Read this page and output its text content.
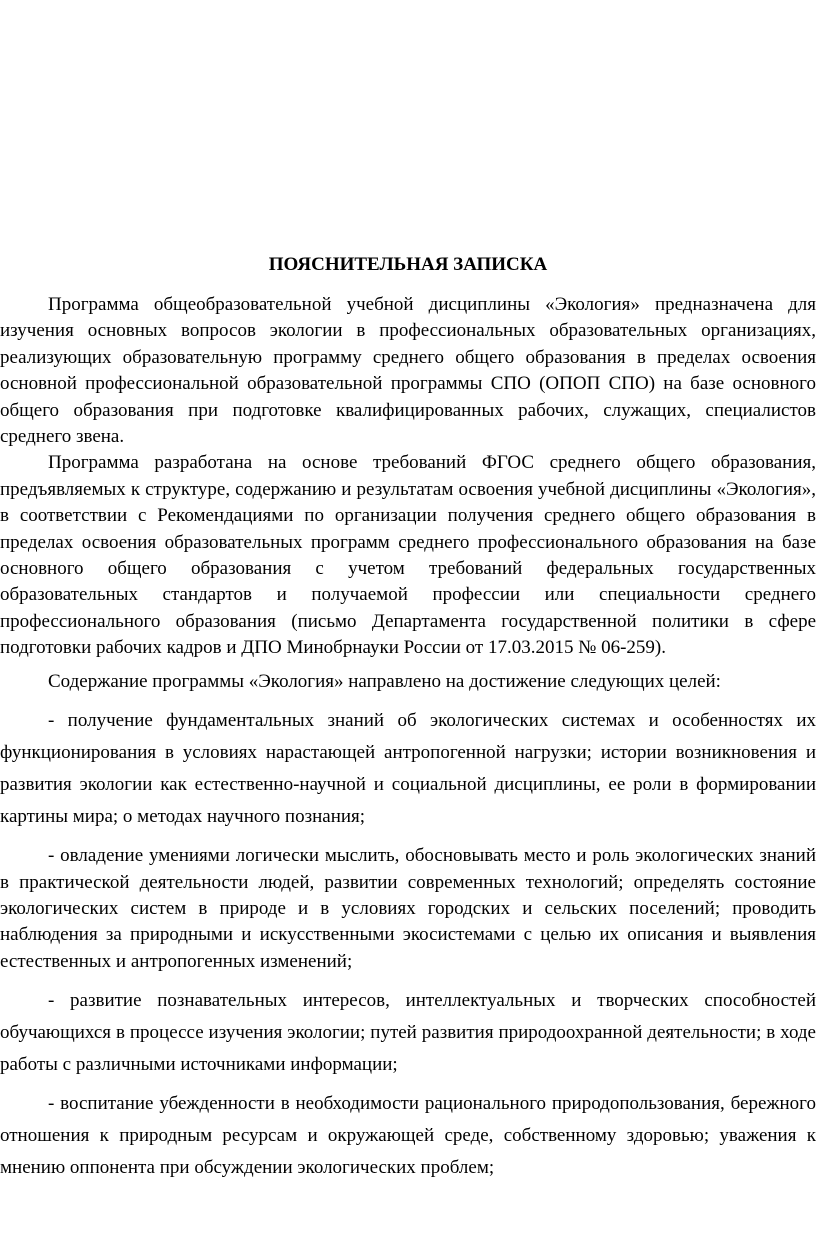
ПОЯСНИТЕЛЬНАЯ ЗАПИСКА

Программа общеобразовательной учебной дисциплины «Экология» предназначена для изучения основных вопросов экологии в профессиональных образовательных организациях, реализующих образовательную программу среднего общего образования в пределах освоения основной профессиональной образовательной программы СПО (ОПОП СПО) на базе основного общего образования при подготовке квалифицированных рабочих, служащих, специалистов среднего звена.

Программа разработана на основе требований ФГОС среднего общего образования, предъявляемых к структуре, содержанию и результатам освоения учебной дисциплины «Экология», в соответствии с Рекомендациями по организации получения среднего общего образования в пределах освоения образовательных программ среднего профессионального образования на базе основного общего образования с учетом требований федеральных государственных образовательных стандартов и получаемой профессии или специальности среднего профессионального образования (письмо Департамента государственной политики в сфере подготовки рабочих кадров и ДПО Минобрнауки России от 17.03.2015 № 06-259).

Содержание программы «Экология» направлено на достижение следующих целей:

- получение фундаментальных знаний об экологических системах и особенностях их функционирования в условиях нарастающей антропогенной нагрузки; истории возникновения и развития экологии как естественно-научной и социальной дисциплины, ее роли в формировании картины мира; о методах научного познания;

- овладение умениями логически мыслить, обосновывать место и роль экологических знаний в практической деятельности людей, развитии современных технологий; определять состояние экологических систем в природе и в условиях городских и сельских поселений; проводить наблюдения за природными и искусственными экосистемами с целью их описания и выявления естественных и антропогенных изменений;

- развитие познавательных интересов, интеллектуальных и творческих способностей обучающихся в процессе изучения экологии; путей развития природоохранной деятельности; в ходе работы с различными источниками информации;

- воспитание убежденности в необходимости рационального природопользования, бережного отношения к природным ресурсам и окружающей среде, собственному здоровью; уважения к мнению оппонента при обсуждении экологических проблем;
